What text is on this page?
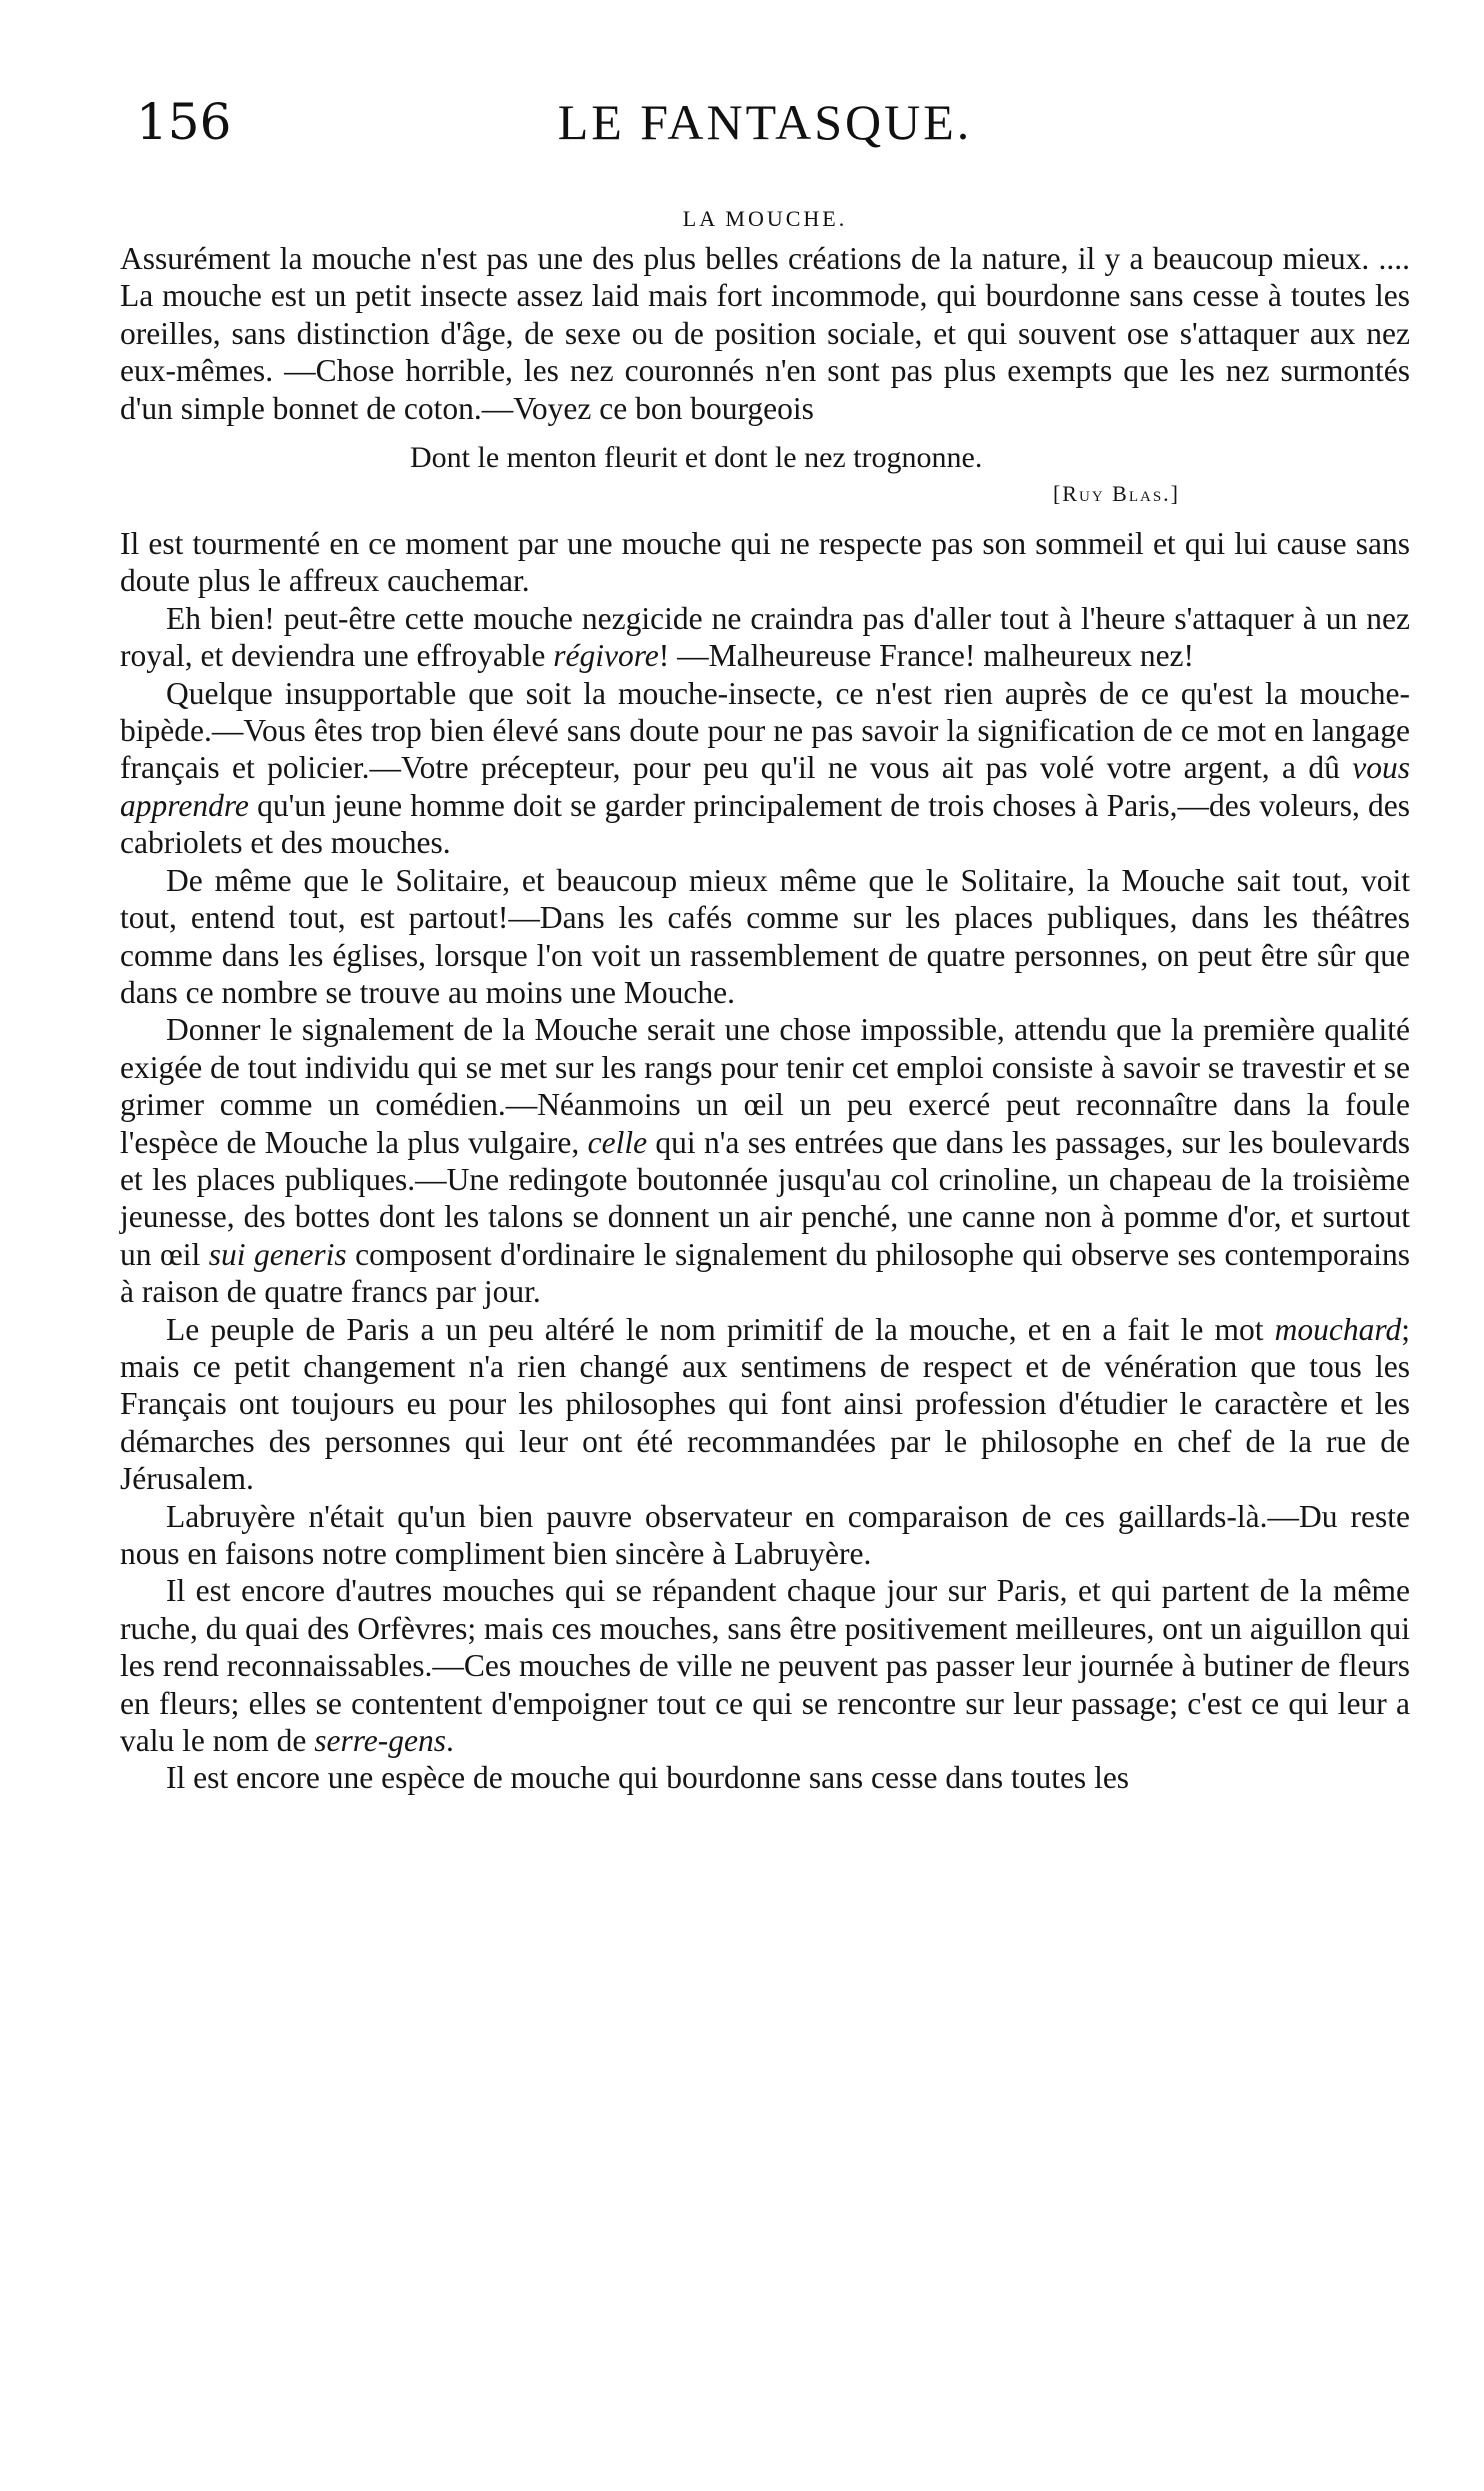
156	LE FANTASQUE.
LA MOUCHE.

Assurément la mouche n'est pas une des plus belles créations de la nature, il y a beaucoup mieux. .... La mouche est un petit insecte assez laid mais fort incommode, qui bourdonne sans cesse à toutes les oreilles, sans distinction d'âge, de sexe ou de position sociale, et qui souvent ose s'attaquer aux nez eux-mêmes. —Chose horrible, les nez couronnés n'en sont pas plus exempts que les nez surmontés d'un simple bonnet de coton.—Voyez ce bon bourgeois

Dont le menton fleurit et dont le nez trognonne.

[Ruy Blas.]

Il est tourmenté en ce moment par une mouche qui ne respecte pas son sommeil et qui lui cause sans doute plus le affreux cauchemar.

Eh bien! peut-être cette mouche nezgicide ne craindra pas d'aller tout à l'heure s'attaquer à un nez royal, et deviendra une effroyable régivore! —Malheureuse France! malheureux nez!

Quelque insupportable que soit la mouche-insecte, ce n'est rien auprès de ce qu'est la mouche-bipède.—Vous êtes trop bien élevé sans doute pour ne pas savoir la signification de ce mot en langage français et policier.—Votre précepteur, pour peu qu'il ne vous ait pas volé votre argent, a dû vous apprendre qu'un jeune homme doit se garder principalement de trois choses à Paris,—des voleurs, des cabriolets et des mouches.

De même que le Solitaire, et beaucoup mieux même que le Solitaire, la Mouche sait tout, voit tout, entend tout, est partout!—Dans les cafés comme sur les places publiques, dans les théâtres comme dans les églises, lorsque l'on voit un rassemblement de quatre personnes, on peut être sûr que dans ce nombre se trouve au moins une Mouche.

Donner le signalement de la Mouche serait une chose impossible, attendu que la première qualité exigée de tout individu qui se met sur les rangs pour tenir cet emploi consiste à savoir se travestir et se grimer comme un comédien.—Néanmoins un œil un peu exercé peut reconnaître dans la foule l'espèce de Mouche la plus vulgaire, celle qui n'a ses entrées que dans les passages, sur les boulevards et les places publiques.—Une redingote boutonnée jusqu'au col crinoline, un chapeau de la troisième jeunesse, des bottes dont les talons se donnent un air penché, une canne non à pomme d'or, et surtout un œil sui generis composent d'ordinaire le signalement du philosophe qui observe ses contemporains à raison de quatre francs par jour.

Le peuple de Paris a un peu altéré le nom primitif de la mouche, et en a fait le mot mouchard; mais ce petit changement n'a rien changé aux sentimens de respect et de vénération que tous les Français ont toujours eu pour les philosophes qui font ainsi profession d'étudier le caractère et les démarches des personnes qui leur ont été recommandées par le philosophe en chef de la rue de Jérusalem.

Labruyère n'était qu'un bien pauvre observateur en comparaison de ces gaillards-là.—Du reste nous en faisons notre compliment bien sincère à Labruyère.

Il est encore d'autres mouches qui se répandent chaque jour sur Paris, et qui partent de la même ruche, du quai des Orfèvres; mais ces mouches, sans être positivement meilleures, ont un aiguillon qui les rend reconnaissables.—Ces mouches de ville ne peuvent pas passer leur journée à butiner de fleurs en fleurs; elles se contentent d'empoigner tout ce qui se rencontre sur leur passage; c'est ce qui leur a valu le nom de serre-gens.

Il est encore une espèce de mouche qui bourdonne sans cesse dans toutes les
